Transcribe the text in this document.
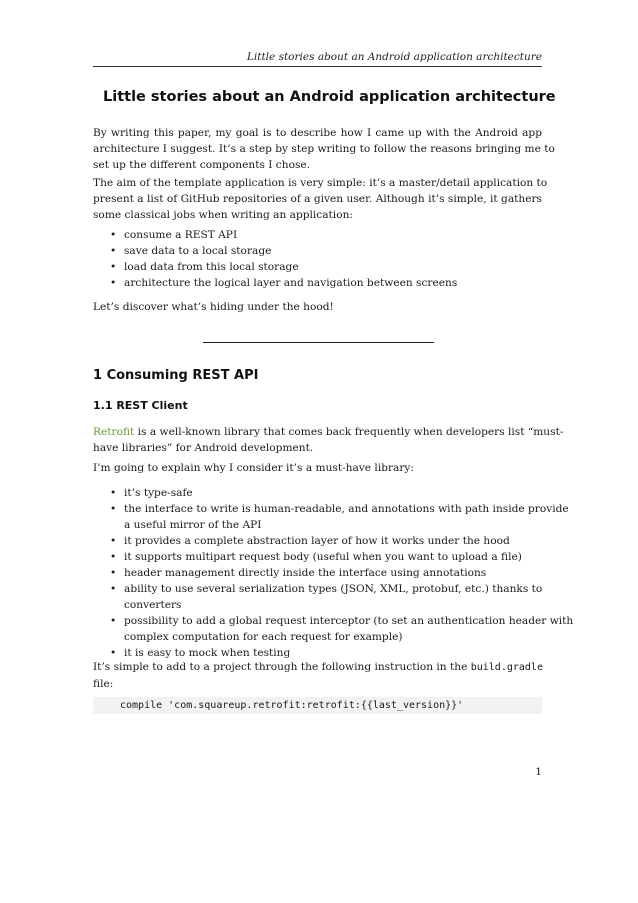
Little stories about an Android application architecture
Little stories about an Android application architecture

By writing this paper, my goal is to describe how I came up with the Android app
architecture I suggest. It’s a step by step writing to follow the reasons bringing me to
set up the different components I chose.

The aim of the template application is very simple: it’s a master/detail application to
present a list of GitHub repositories of a given user. Although it’s simple, it gathers
some classical jobs when writing an application:

• consume a REST API
• save data to a local storage
• load data from this local storage
• architecture the logical layer and navigation between screens

Let’s discover what’s hiding under the hood!

1 Consuming REST API
1.1 REST Client

Retrofit is a well-known library that comes back frequently when developers list “must-
have libraries” for Android development.

I’m going to explain why I consider it’s a must-have library:

• it’s type-safe
• the interface to write is human-readable, and annotations with path inside provide
a useful mirror of the API
• it provides a complete abstraction layer of how it works under the hood
• it supports multipart request body (useful when you want to upload a file)
• header management directly inside the interface using annotations
• ability to use several serialization types (JSON, XML, protobuf, etc.) thanks to
converters
• possibility to add a global request interceptor (to set an authentication header with
complex computation for each request for example)
• it is easy to mock when testing

It’s simple to add to a project through the following instruction in the build.gradle
file:

compile 'com.squareup.retrofit:retrofit:{{last_version}}'
1
